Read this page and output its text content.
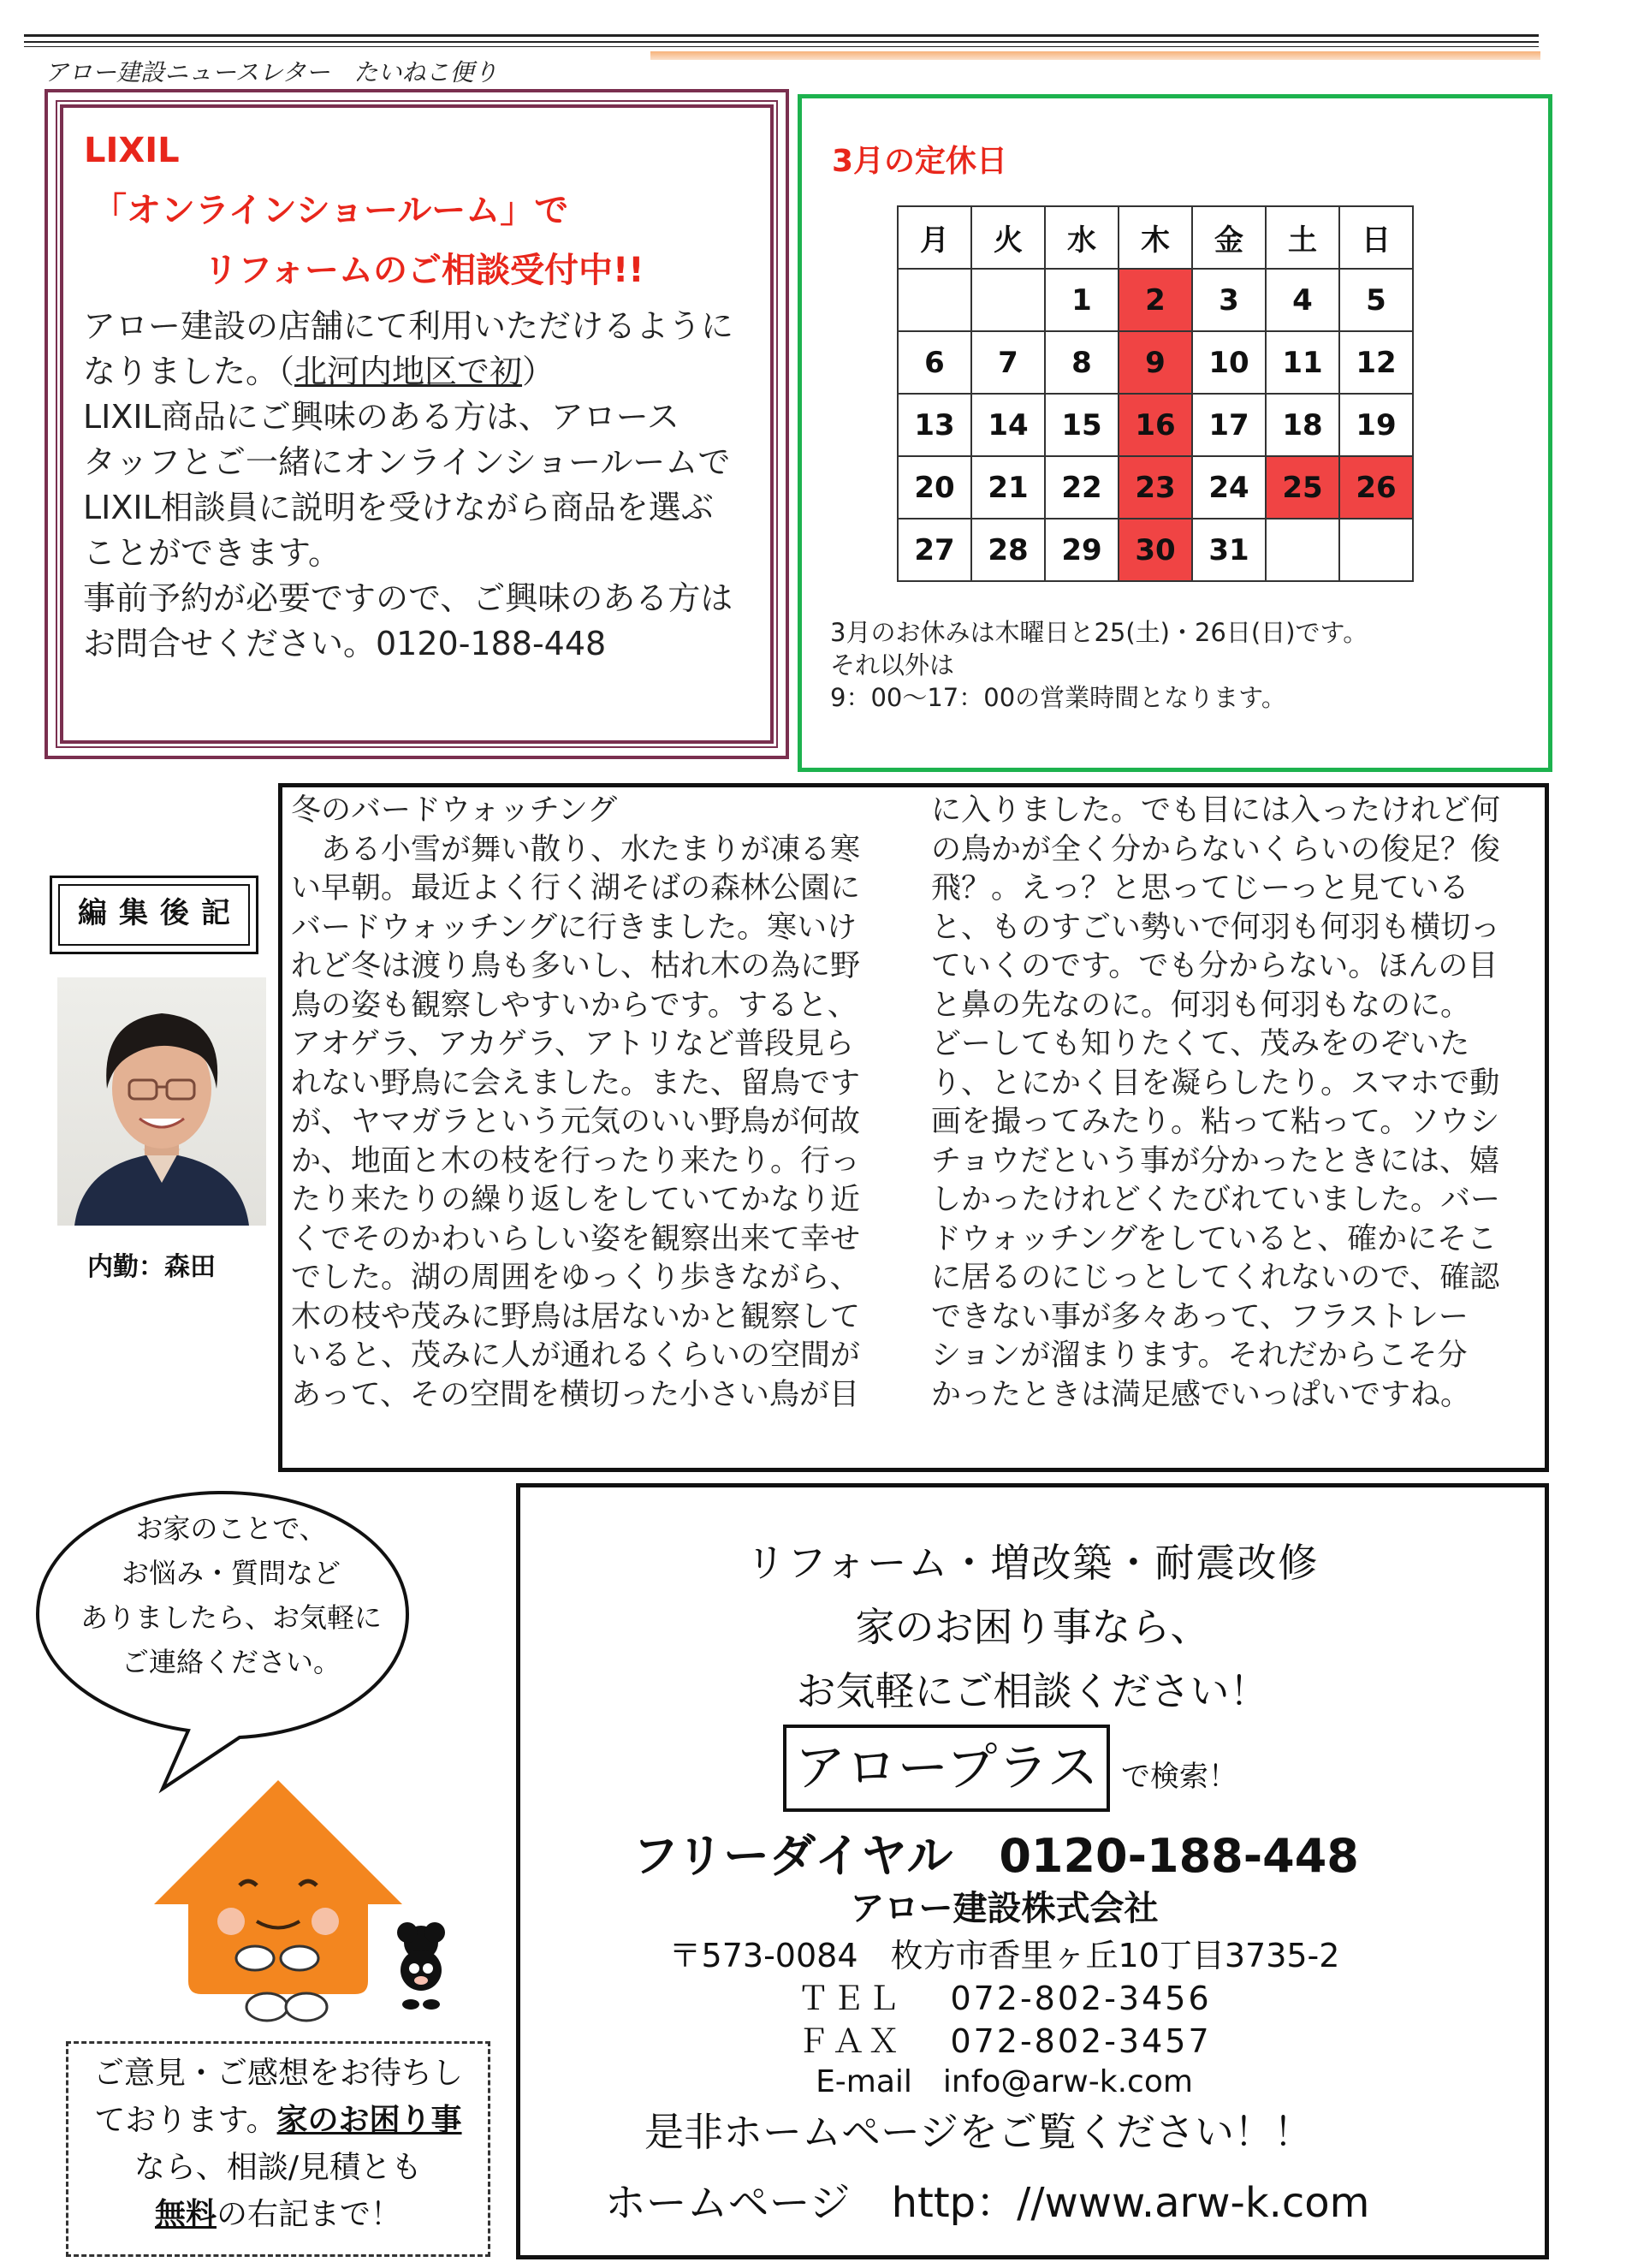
アロー建設ニュースレター　たいねこ便り
LIXIL
「オンラインショールーム」で
リフォームのご相談受付中!!
アロー建設の店舗にて利用いただけるように
なりました。（北河内地区で初）
LIXIL商品にご興味のある方は、アロース
タッフとご一緒にオンラインショールームで
LIXIL相談員に説明を受けながら商品を選ぶ
ことができます。
事前予約が必要ですので、ご興味のある方は
お問合せください。0120-188-448
3月の定休日
月	火	水	木	金	土	日
		1	2	3	4	5
6	7	8	9	10	11	12
13	14	15	16	17	18	19
20	21	22	23	24	25	26
27	28	29	30	31		
3月のお休みは木曜日と25(土)・26日(日)です。
それ以外は
9：00～17：00の営業時間となります。
編集後記
内勤：森田
冬のバードウォッチング
　ある小雪が舞い散り、水たまりが凍る寒
い早朝。最近よく行く湖そばの森林公園に
バードウォッチングに行きました。寒いけ
れど冬は渡り鳥も多いし、枯れ木の為に野
鳥の姿も観察しやすいからです。すると、
アオゲラ、アカゲラ、アトリなど普段見ら
れない野鳥に会えました。また、留鳥です
が、ヤマガラという元気のいい野鳥が何故
か、地面と木の枝を行ったり来たり。行っ
たり来たりの繰り返しをしていてかなり近
くでそのかわいらしい姿を観察出来て幸せ
でした。湖の周囲をゆっくり歩きながら、
木の枝や茂みに野鳥は居ないかと観察して
いると、茂みに人が通れるくらいの空間が
あって、その空間を横切った小さい鳥が目
に入りました。でも目には入ったけれど何
の鳥かが全く分からないくらいの俊足？俊
飛？。えっ？と思ってじーっと見ている
と、ものすごい勢いで何羽も何羽も横切っ
ていくのです。でも分からない。ほんの目
と鼻の先なのに。何羽も何羽もなのに。
どーしても知りたくて、茂みをのぞいた
り、とにかく目を凝らしたり。スマホで動
画を撮ってみたり。粘って粘って。ソウシ
チョウだという事が分かったときには、嬉
しかったけれどくたびれていました。バー
ドウォッチングをしていると、確かにそこ
に居るのにじっとしてくれないので、確認
できない事が多々あって、フラストレー
ションが溜まります。それだからこそ分
かったときは満足感でいっぱいですね。
お家のことで、
お悩み・質問など
ありましたら、お気軽に
ご連絡ください。
ご意見・ご感想をお待ちし
ております。家のお困り事
なら、相談/見積とも
無料の右記まで！
リフォーム・増改築・耐震改修
家のお困り事なら、
お気軽にご相談ください！
アロープラス で検索！
フリーダイヤル　0120-188-448
アロー建設株式会社
〒573-0084　枚方市香里ヶ丘10丁目3735-2
ＴＥＬ　 072-802-3456
ＦＡＸ　 072-802-3457
E-mail　info@arw-k.com
是非ホームページをご覧ください！！
ホームページ　http：//www.arw-k.com
